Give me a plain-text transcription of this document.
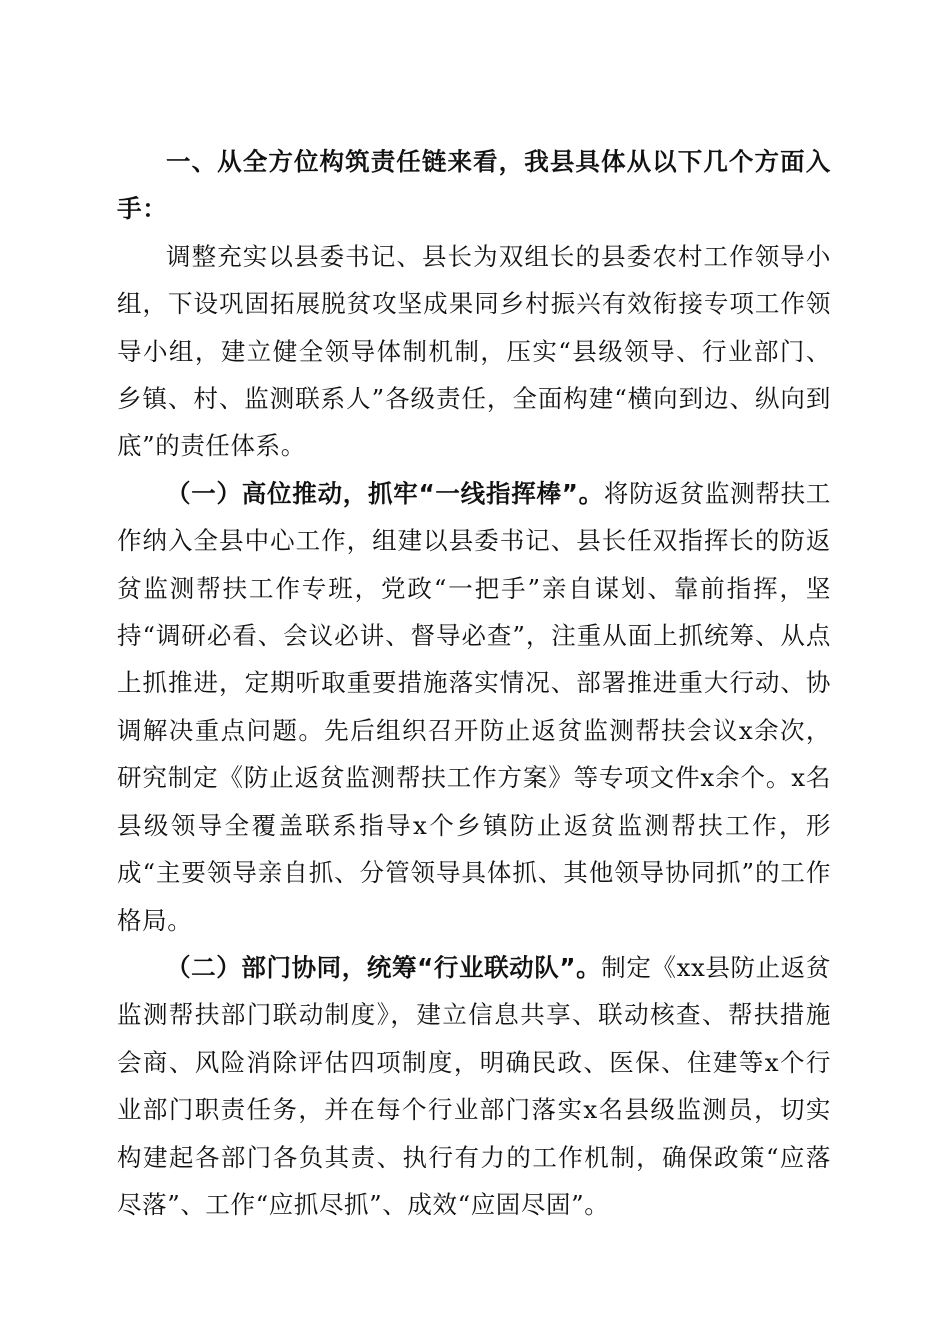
一、从全方位构筑责任链来看，我县具体从以下几个方面入手：

调整充实以县委书记、县长为双组长的县委农村工作领导小组，下设巩固拓展脱贫攻坚成果同乡村振兴有效衔接专项工作领导小组，建立健全领导体制机制，压实“县级领导、行业部门、乡镇、村、监测联系人”各级责任，全面构建“横向到边、纵向到底”的责任体系。

（一）高位推动，抓牢“一线指挥棒”。将防返贫监测帮扶工作纳入全县中心工作，组建以县委书记、县长任双指挥长的防返贫监测帮扶工作专班，党政“一把手”亲自谋划、靠前指挥，坚持“调研必看、会议必讲、督导必查”，注重从面上抓统筹、从点上抓推进，定期听取重要措施落实情况、部署推进重大行动、协调解决重点问题。先后组织召开防止返贫监测帮扶会议x余次，研究制定《防止返贫监测帮扶工作方案》等专项文件x余个。x名县级领导全覆盖联系指导x个乡镇防止返贫监测帮扶工作，形成“主要领导亲自抓、分管领导具体抓、其他领导协同抓”的工作格局。

（二）部门协同，统筹“行业联动队”。制定《xx县防止返贫监测帮扶部门联动制度》，建立信息共享、联动核查、帮扶措施会商、风险消除评估四项制度，明确民政、医保、住建等x个行业部门职责任务，并在每个行业部门落实x名县级监测员，切实构建起各部门各负其责、执行有力的工作机制，确保政策“应落尽落”、工作“应抓尽抓”、成效“应固尽固”。
